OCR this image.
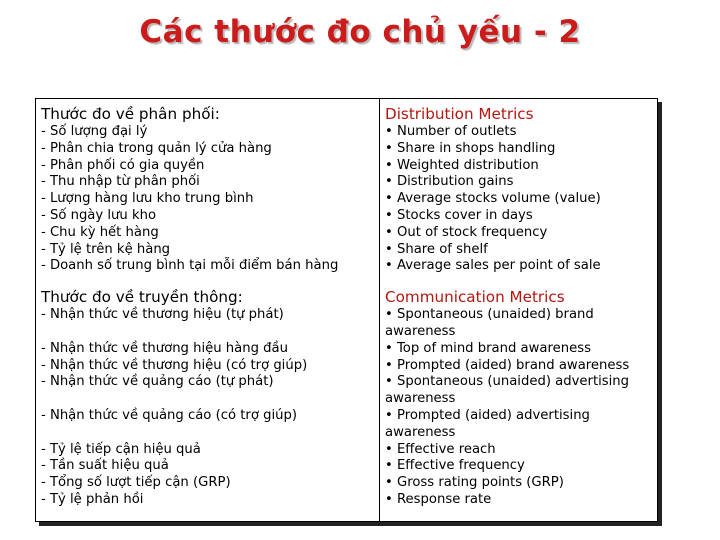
Các thước đo chủ yếu - 2
Thước đo về phân phối:
- Số lượng đại lý
- Phân chia trong quản lý cửa hàng
- Phân phối có gia quyền
- Thu nhập từ phân phối
- Lượng hàng lưu kho trung bình
- Số ngày lưu kho
- Chu kỳ hết hàng
- Tỷ lệ trên kệ hàng
- Doanh số trung bình tại mỗi điểm bán hàng
Thước đo về truyền thông:
- Nhận thức về thương hiệu (tự phát)
- Nhận thức về thương hiệu hàng đầu
- Nhận thức về thương hiệu (có trợ giúp)
- Nhận thức về quảng cáo (tự phát)
- Nhận thức về quảng cáo (có trợ giúp)
- Tỷ lệ tiếp cận hiệu quả
- Tần suất hiệu quả
- Tổng số lượt tiếp cận (GRP)
- Tỷ lệ phản hồi
Distribution Metrics
• Number of outlets
• Share in shops handling
• Weighted distribution
• Distribution gains
• Average stocks volume (value)
• Stocks cover in days
• Out of stock frequency
• Share of shelf
• Average sales per point of sale
Communication Metrics
• Spontaneous (unaided) brand awareness
• Top of mind brand awareness
• Prompted (aided) brand awareness
• Spontaneous (unaided) advertising awareness
• Prompted (aided) advertising awareness
• Effective reach
• Effective frequency
• Gross rating points (GRP)
• Response rate
